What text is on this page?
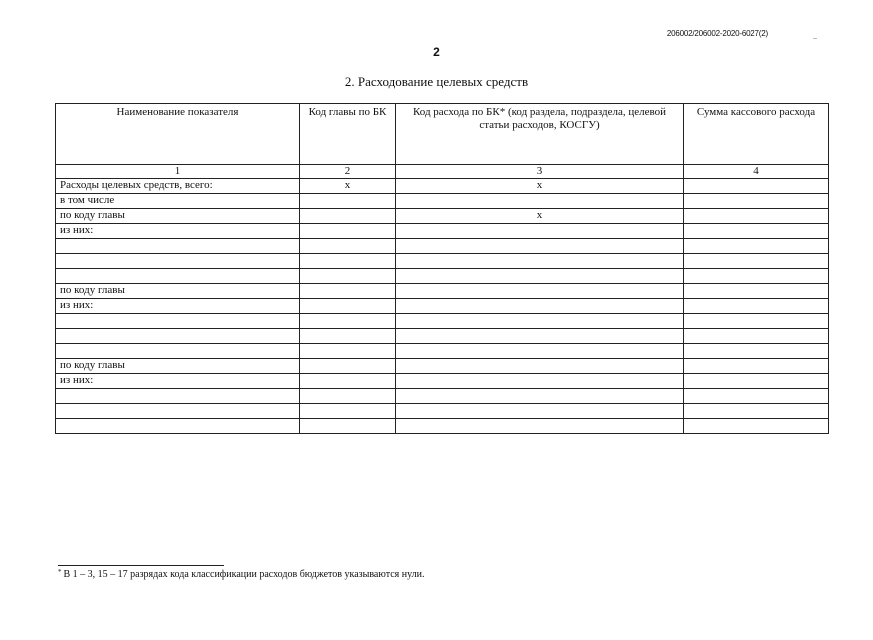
206002/206002-2020-6027(2)
2
2. Расходование целевых средств
Наименование показателя	Код главы по БК	Код расхода по БК* (код раздела, подраздела, целевой статьи расходов, КОСГУ)	Сумма кассового расхода
1	2	3	4
Расходы целевых средств, всего:	х	х	
в том числе			
по коду главы		х	
из них:			

по коду главы			
из них:			

по коду главы			
из них:			

* В 1 – 3, 15 – 17 разрядах кода классификации расходов бюджетов указываются нули.
